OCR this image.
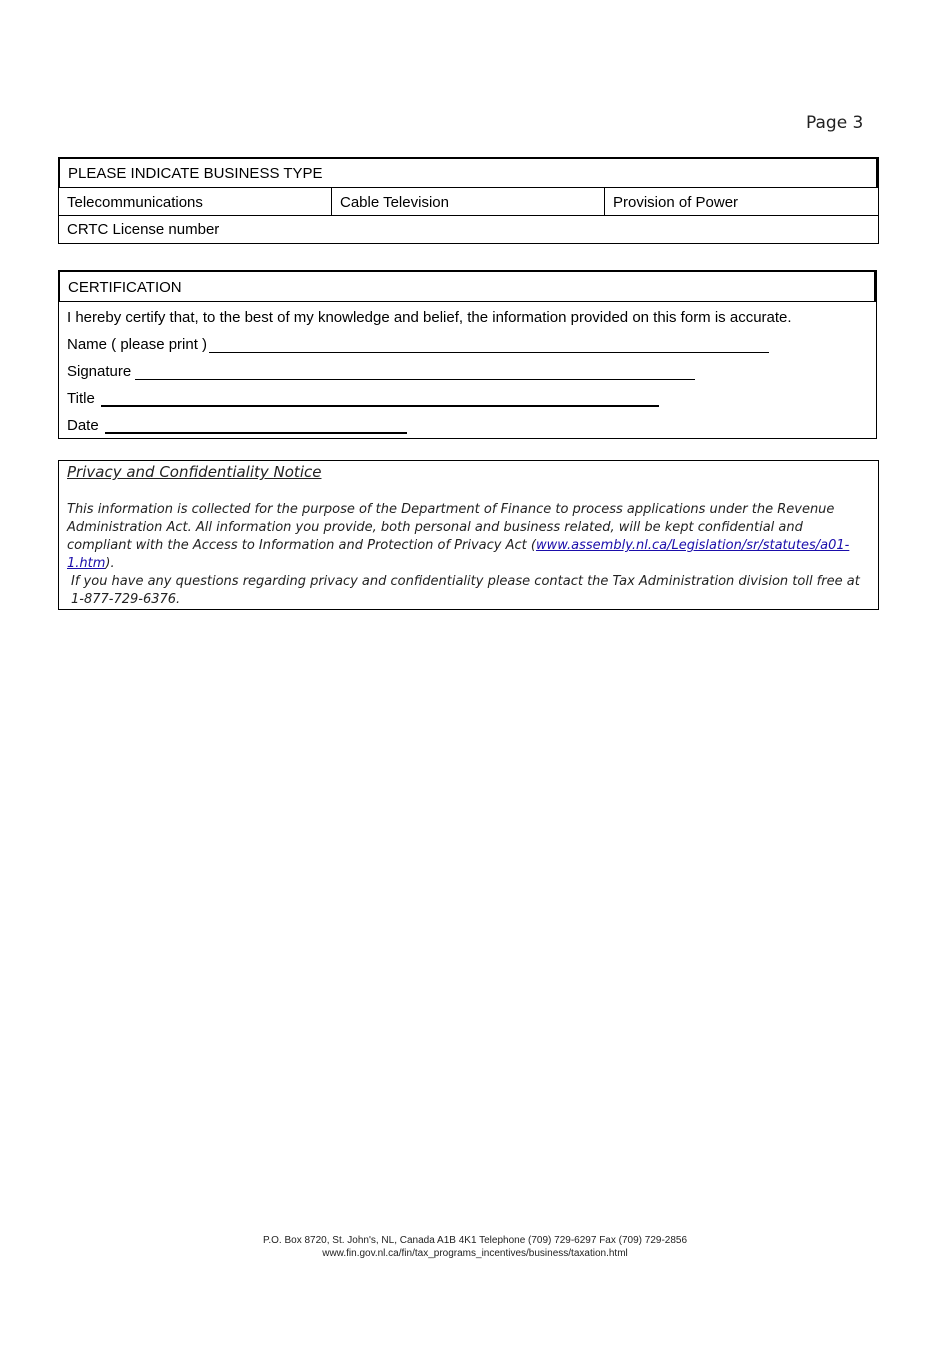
Page 3
PLEASE INDICATE BUSINESS TYPE
Telecommunications	Cable Television	Provision of Power
CRTC License number
CERTIFICATION
I hereby certify that, to the best of my knowledge and belief, the information provided on this form is accurate.
Name ( please print )
Signature
Title
Date
Privacy and Confidentiality Notice
This information is collected for the purpose of the Department of Finance to process applications under the Revenue Administration Act. All information you provide, both personal and business related, will be kept confidential and compliant with the Access to Information and Protection of Privacy Act (www.assembly.nl.ca/Legislation/sr/statutes/a01-1.htm).
If you have any questions regarding privacy and confidentiality please contact the Tax Administration division toll free at 1-877-729-6376.
P.O. Box 8720, St. John's, NL, Canada A1B 4K1 Telephone (709) 729-6297 Fax (709) 729-2856
www.fin.gov.nl.ca/fin/tax_programs_incentives/business/taxation.html
